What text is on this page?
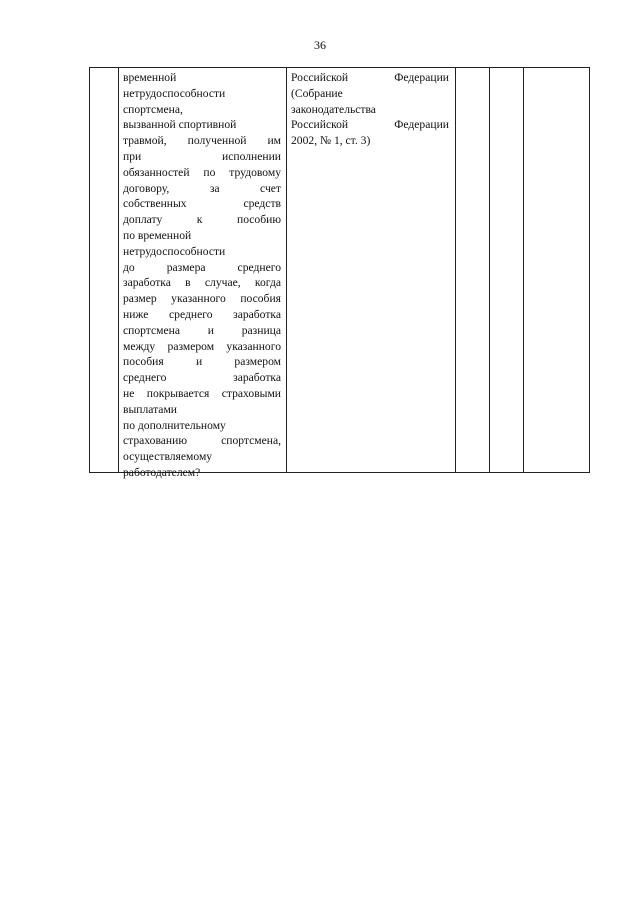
36
временной
нетрудоспособности
спортсмена,
вызванной спортивной
травмой, полученной им
при исполнении
обязанностей по трудовому
договору, за счет
собственных средств
доплату к пособию
по временной
нетрудоспособности
до размера среднего
заработка в случае, когда
размер указанного пособия
ниже среднего заработка
спортсмена и разница
между размером указанного
пособия и размером
среднего заработка
не покрывается страховыми
выплатами
по дополнительному
страхованию спортсмена,
осуществляемому
работодателем?
Российской Федерации
(Собрание
законодательства
Российской Федерации
2002, № 1, ст. 3)
